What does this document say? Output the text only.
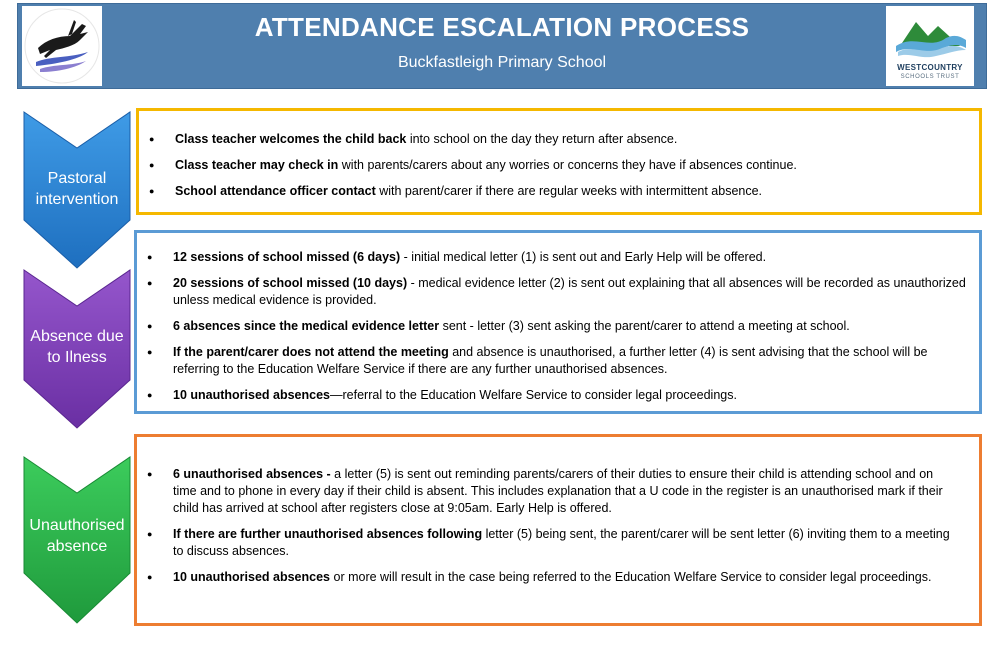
ATTENDANCE ESCALATION PROCESS
Buckfastleigh Primary School	WESTCOUNTRY
SCHOOLS TRUST
Pastoral
intervention
● Class teacher welcomes the child back into school on the day they return after absence.
● Class teacher may check in with parents/carers about any worries or concerns they have if absences continue.
● School attendance officer contact with parent/carer if there are regular weeks with intermittent absence.
Absence due
to Ilness
● 12 sessions of school missed (6 days) - initial medical letter (1) is sent out and Early Help will be offered.
● 20 sessions of school missed (10 days) - medical evidence letter (2) is sent out explaining that all absences will be recorded as unauthorized unless medical evidence is provided.
● 6 absences since the medical evidence letter sent - letter (3) sent asking the parent/carer to attend a meeting at school.
● If the parent/carer does not attend the meeting and absence is unauthorised, a further letter (4) is sent advising that the school will be referring to the Education Welfare Service if there are any further unauthorised absences.
● 10 unauthorised absences—referral to the Education Welfare Service to consider legal proceedings.
Unauthorised
absence
● 6 unauthorised absences - a letter (5) is sent out reminding parents/carers of their duties to ensure their child is attending school and on time and to phone in every day if their child is absent. This includes explanation that a U code in the register is an unauthorised mark if their child has arrived at school after registers close at 9:05am. Early Help is offered.
● If there are further unauthorised absences following letter (5) being sent, the parent/carer will be sent letter (6) inviting them to a meeting to discuss absences.
● 10 unauthorised absences or more will result in the case being referred to the Education Welfare Service to consider legal proceedings.
